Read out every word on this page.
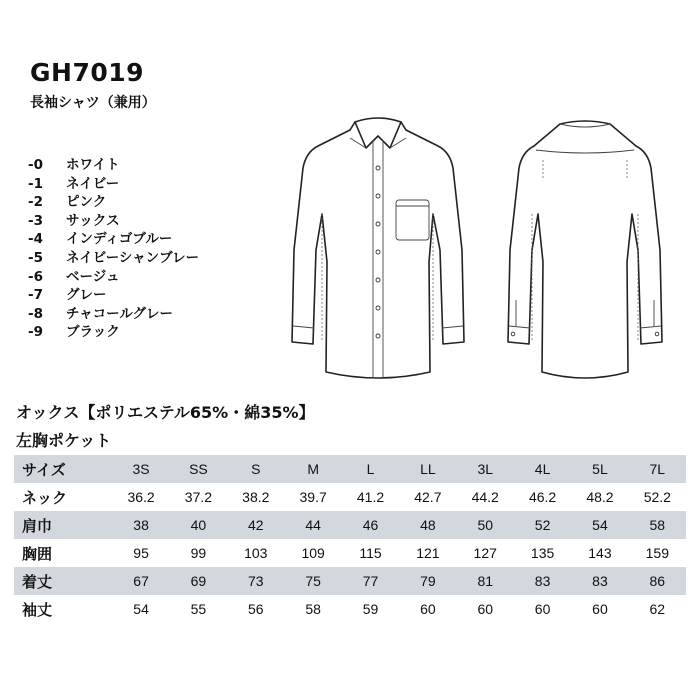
GH7019
長袖シャツ（兼用）
-0	ホワイト
-1	ネイビー
-2	ピンク
-3	サックス
-4	インディゴブルー
-5	ネイビーシャンブレー
-6	ベージュ
-7	グレー
-8	チャコールグレー
-9	ブラック
オックス【ポリエステル65%・綿35%】
左胸ポケット
サイズ	3S	SS	S	M	L	LL	3L	4L	5L	7L
ネック	36.2	37.2	38.2	39.7	41.2	42.7	44.2	46.2	48.2	52.2
肩巾	38	40	42	44	46	48	50	52	54	58
胸囲	95	99	103	109	115	121	127	135	143	159
着丈	67	69	73	75	77	79	81	83	83	86
袖丈	54	55	56	58	59	60	60	60	60	62
